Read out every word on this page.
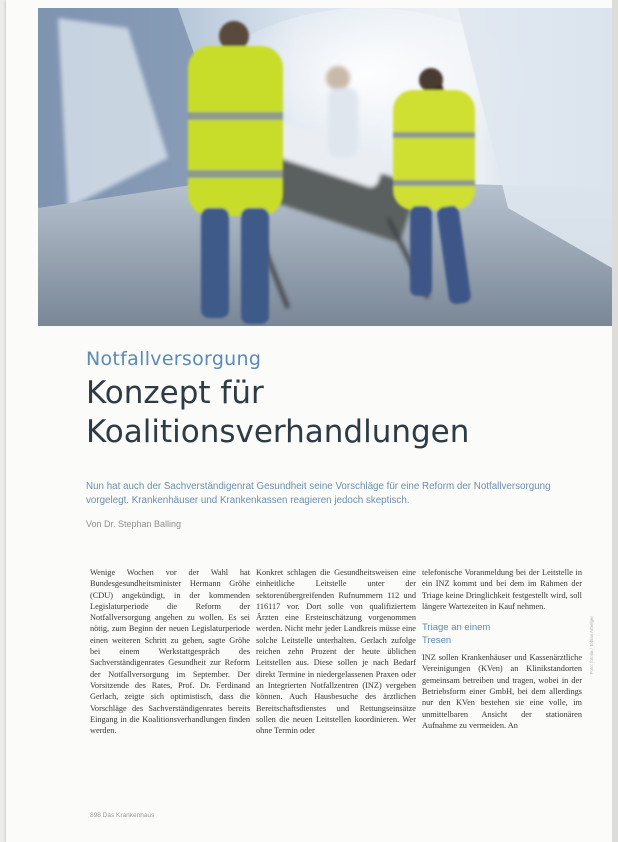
Notfallversorgung
Konzept für
Koalitionsverhandlungen
Nun hat auch der Sachverständigenrat Gesundheit seine Vorschläge für eine Reform der Notfallversorgung vorgelegt. Krankenhäuser und Krankenkassen reagieren jedoch skeptisch.
Von Dr. Stephan Balling

Wenige Wochen vor der Wahl hat Bundesgesundheitsminister Hermann Gröhe (CDU) angekündigt, in der kommenden Legislaturperiode die Reform der Notfallversorgung angehen zu wollen. Es sei nötig, zum Beginn der neuen Legislaturperiode einen weiteren Schritt zu gehen, sagte Gröhe bei einem Werkstattgespräch des Sachverständigenrates Gesundheit zur Reform der Notfallversorgung im September. Der Vorsitzende des Rates, Prof. Dr. Ferdinand Gerlach, zeigte sich optimistisch, dass die Vorschläge des Sachverständigenrates bereits Eingang in die Koalitionsverhandlungen finden werden.

Konkret schlagen die Gesundheitsweisen eine einheitliche Leitstelle unter der sektorenübergreifenden Rufnummern 112 und 116117 vor. Dort solle von qualifiziertem Ärzten eine Ersteinschätzung vorgenommen werden. Nicht mehr jeder Landkreis müsse eine solche Leitstelle unterhalten. Gerlach zufolge reichen zehn Prozent der heute üblichen Leitstellen aus. Diese sollen je nach Bedarf direkt Termine in niedergelassenen Praxen oder an Integrierten Notfallzentren (INZ) vergeben können. Auch Hausbesuche des ärztlichen Bereitschaftsdienstes und Rettungseinsätze sollen die neuen Leitstellen koordinieren. Wer ohne Termin oder

telefonische Voranmeldung bei der Leitstelle in ein INZ kommt und bei dem im Rahmen der Triage keine Dringlichkeit festgestellt wird, soll längere Wartezeiten in Kauf nehmen.

Triage an einem
Tresen

INZ sollen Krankenhäuser und Kassenärztliche Vereinigungen (KVen) an Klinikstandorten gemeinsam betreiben und tragen, wobei in der Betriebsform einer GmbH, bei dem allerdings nur den KVen bestehen sie eine volle, im unmittelbaren Ansicht der stationären Aufnahme zu vermeiden. An

Foto: fotolia / Tobias Arhelger
898 Das Krankenhaus
